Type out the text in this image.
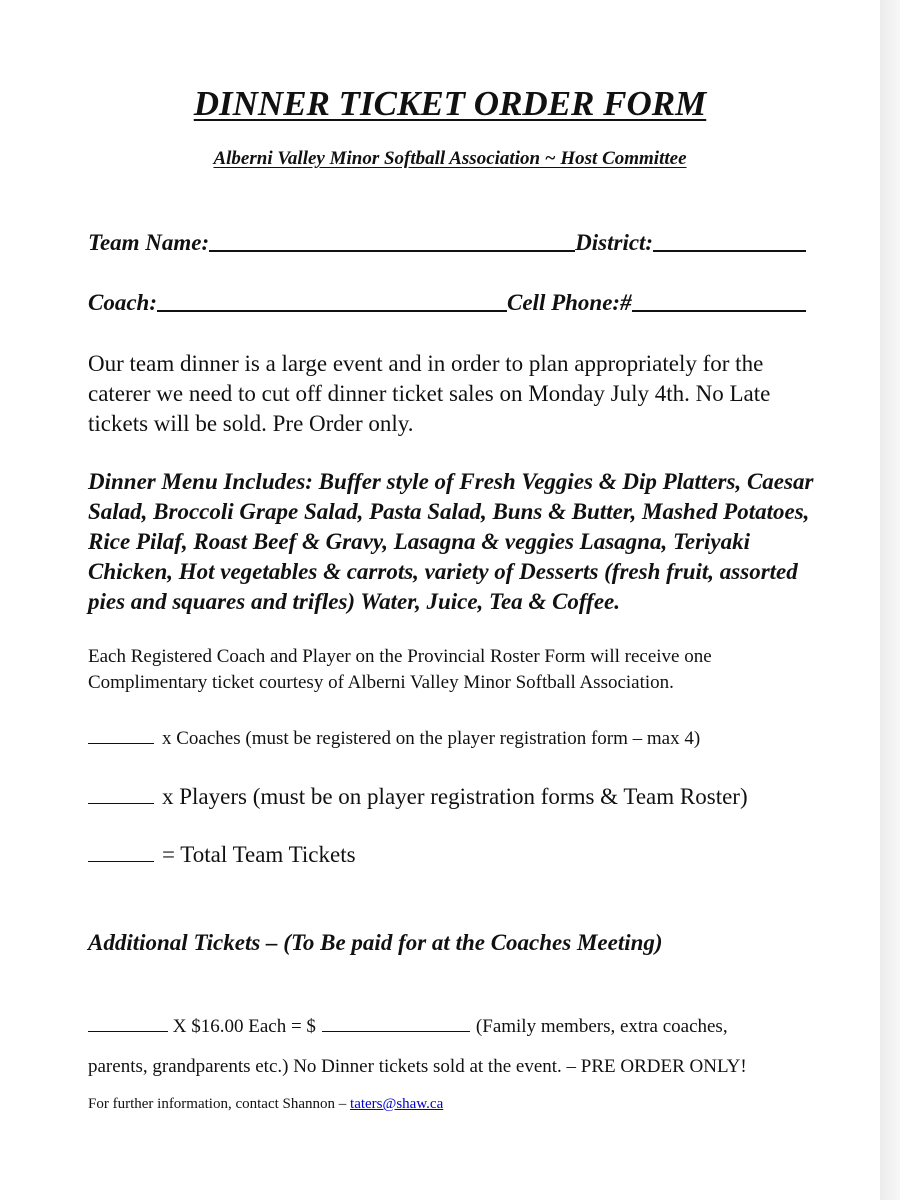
DINNER TICKET ORDER FORM
Alberni Valley Minor Softball Association ~ Host Committee
Team Name:	District:
Coach:	Cell Phone:#
Our team dinner is a large event and in order to plan appropriately for the caterer we need to cut off dinner ticket sales on Monday July 4th. No Late tickets will be sold. Pre Order only.
Dinner Menu Includes: Buffer style of Fresh Veggies & Dip Platters, Caesar Salad, Broccoli Grape Salad, Pasta Salad, Buns & Butter, Mashed Potatoes, Rice Pilaf, Roast Beef & Gravy, Lasagna & veggies Lasagna, Teriyaki Chicken, Hot vegetables & carrots, variety of Desserts (fresh fruit, assorted pies and squares and trifles) Water, Juice, Tea & Coffee.
Each Registered Coach and Player on the Provincial Roster Form will receive one Complimentary ticket courtesy of Alberni Valley Minor Softball Association.
x Coaches (must be registered on the player registration form – max 4)
x Players (must be on player registration forms & Team Roster)
= Total Team Tickets
Additional Tickets – (To Be paid for at the Coaches Meeting)
X $16.00 Each = $	(Family members, extra coaches,
parents, grandparents etc.) No Dinner tickets sold at the event. – PRE ORDER ONLY!
For further information, contact Shannon – taters@shaw.ca
